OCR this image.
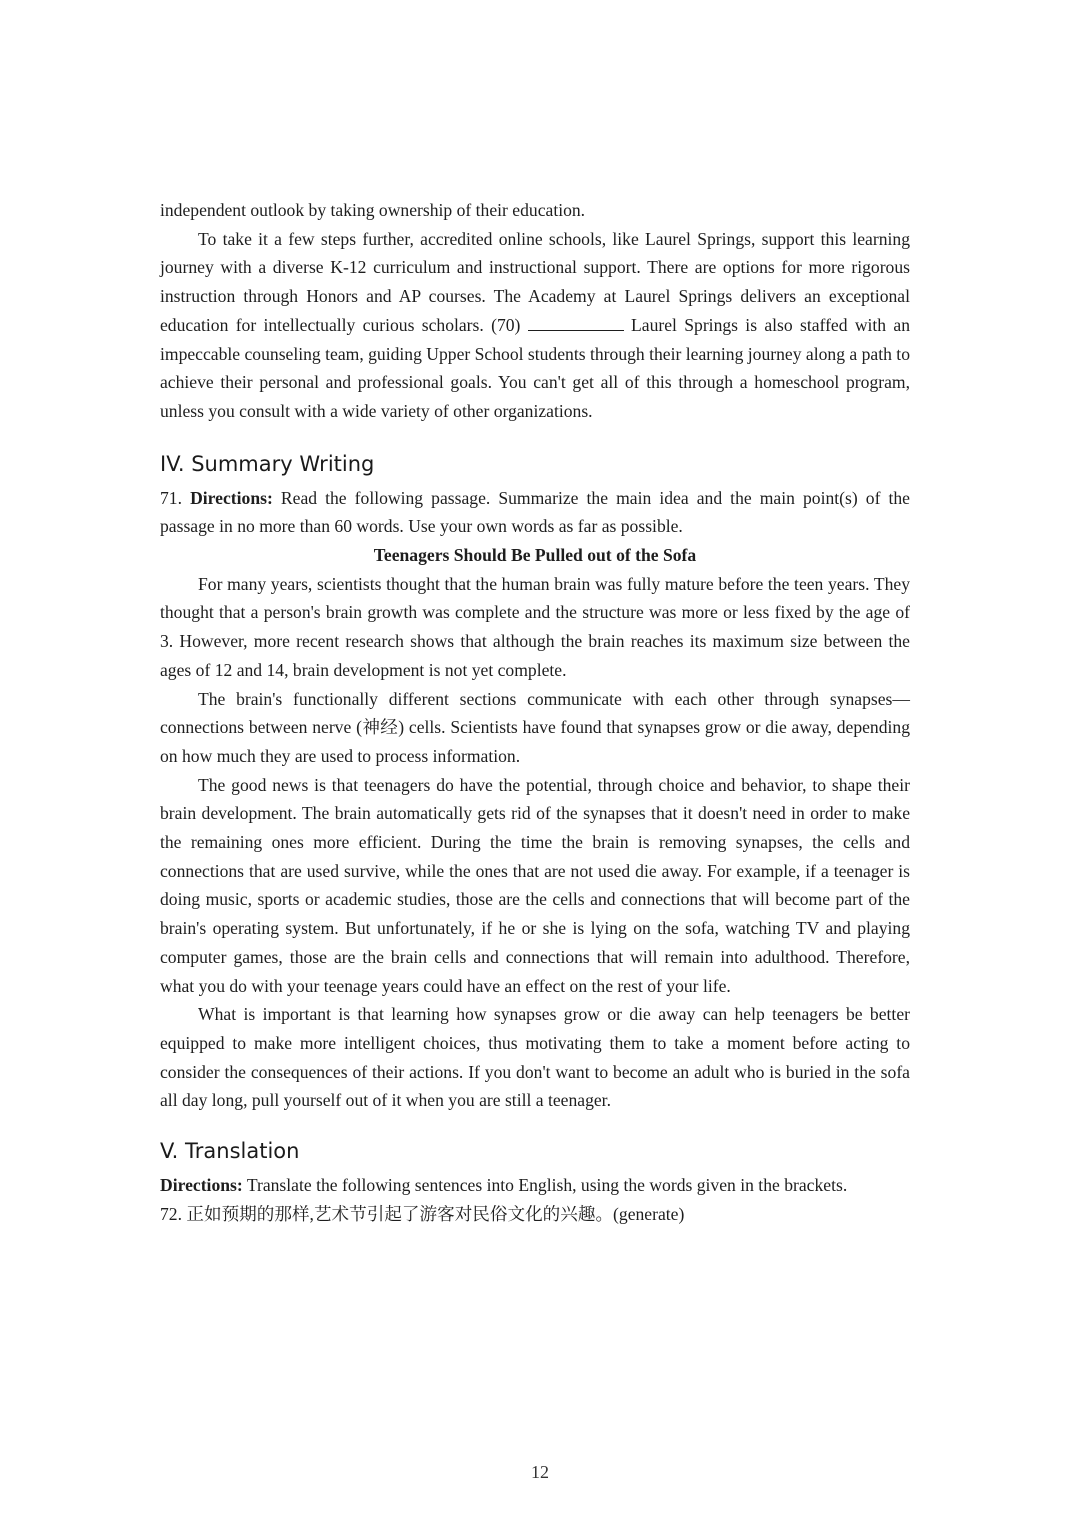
independent outlook by taking ownership of their education.

To take it a few steps further, accredited online schools, like Laurel Springs, support this learning journey with a diverse K-12 curriculum and instructional support. There are options for more rigorous instruction through Honors and AP courses. The Academy at Laurel Springs delivers an exceptional education for intellectually curious scholars. (70)	Laurel Springs is also staffed with an impeccable counseling team, guiding Upper School students through their learning journey along a path to achieve their personal and professional goals. You can't get all of this through a homeschool program, unless you consult with a wide variety of other organizations.

IV. Summary Writing

71. Directions: Read the following passage. Summarize the main idea and the main point(s) of the passage in no more than 60 words. Use your own words as far as possible.

Teenagers Should Be Pulled out of the Sofa

For many years, scientists thought that the human brain was fully mature before the teen years. They thought that a person's brain growth was complete and the structure was more or less fixed by the age of 3. However, more recent research shows that although the brain reaches its maximum size between the ages of 12 and 14, brain development is not yet complete.

The brain's functionally different sections communicate with each other through synapses—connections between nerve (神经) cells. Scientists have found that synapses grow or die away, depending on how much they are used to process information.

The good news is that teenagers do have the potential, through choice and behavior, to shape their brain development. The brain automatically gets rid of the synapses that it doesn't need in order to make the remaining ones more efficient. During the time the brain is removing synapses, the cells and connections that are used survive, while the ones that are not used die away. For example, if a teenager is doing music, sports or academic studies, those are the cells and connections that will become part of the brain's operating system. But unfortunately, if he or she is lying on the sofa, watching TV and playing computer games, those are the brain cells and connections that will remain into adulthood. Therefore, what you do with your teenage years could have an effect on the rest of your life.

What is important is that learning how synapses grow or die away can help teenagers be better equipped to make more intelligent choices, thus motivating them to take a moment before acting to consider the consequences of their actions. If you don't want to become an adult who is buried in the sofa all day long, pull yourself out of it when you are still a teenager.

V. Translation

Directions: Translate the following sentences into English, using the words given in the brackets.

72. 正如预期的那样,艺术节引起了游客对民俗文化的兴趣。(generate)

12
